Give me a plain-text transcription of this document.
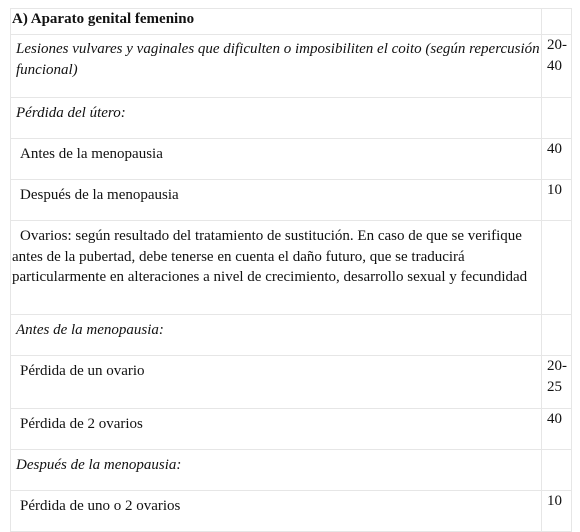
A) Aparato genital femenino	
Lesiones vulvares y vaginales que dificulten o imposibiliten el coito (según repercusión funcional)	20-40
Pérdida del útero:	
Antes de la menopausia	40
Después de la menopausia	10
Ovarios: según resultado del tratamiento de sustitución. En caso de que se verifique antes de la pubertad, debe tenerse en cuenta el daño futuro, que se traducirá particularmente en alteraciones a nivel de crecimiento, desarrollo sexual y fecundidad	
Antes de la menopausia:	
Pérdida de un ovario	20-25
Pérdida de 2 ovarios	40
Después de la menopausia:	
Pérdida de uno o 2 ovarios	10
